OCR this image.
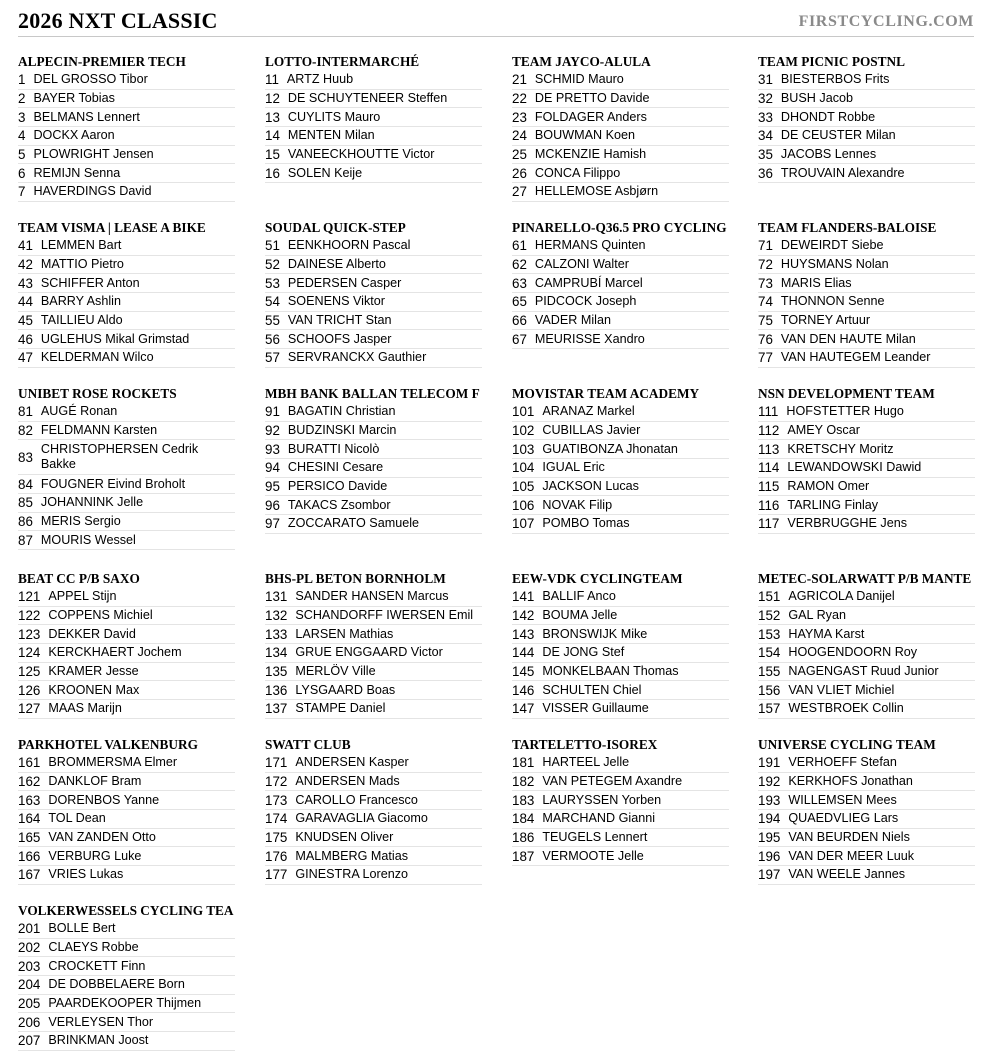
2026 NXT CLASSIC	FIRSTCYCLING.COM
ALPECIN-PREMIER TECH
1 DEL GROSSO Tibor
2 BAYER Tobias
3 BELMANS Lennert
4 DOCKX Aaron
5 PLOWRIGHT Jensen
6 REMIJN Senna
7 HAVERDINGS David
LOTTO-INTERMARCHÉ
11 ARTZ Huub
12 DE SCHUYTENEER Steffen
13 CUYLITS Mauro
14 MENTEN Milan
15 VANEECKHOUTTE Victor
16 SOLEN Keije
TEAM JAYCO-ALULA
21 SCHMID Mauro
22 DE PRETTO Davide
23 FOLDAGER Anders
24 BOUWMAN Koen
25 MCKENZIE Hamish
26 CONCA Filippo
27 HELLEMOSE Asbjørn
TEAM PICNIC POSTNL
31 BIESTERBOS Frits
32 BUSH Jacob
33 DHONDT Robbe
34 DE CEUSTER Milan
35 JACOBS Lennes
36 TROUVAIN Alexandre
TEAM VISMA | LEASE A BIKE
41 LEMMEN Bart
42 MATTIO Pietro
43 SCHIFFER Anton
44 BARRY Ashlin
45 TAILLIEU Aldo
46 UGLEHUS Mikal Grimstad
47 KELDERMAN Wilco
SOUDAL QUICK-STEP
51 EENKHOORN Pascal
52 DAINESE Alberto
53 PEDERSEN Casper
54 SOENENS Viktor
55 VAN TRICHT Stan
56 SCHOOFS Jasper
57 SERVRANCKX Gauthier
PINARELLO-Q36.5 PRO CYCLING
61 HERMANS Quinten
62 CALZONI Walter
63 CAMPRUBÍ Marcel
65 PIDCOCK Joseph
66 VADER Milan
67 MEURISSE Xandro
TEAM FLANDERS-BALOISE
71 DEWEIRDT Siebe
72 HUYSMANS Nolan
73 MARIS Elias
74 THONNON Senne
75 TORNEY Artuur
76 VAN DEN HAUTE Milan
77 VAN HAUTEGEM Leander
UNIBET ROSE ROCKETS
81 AUGÉ Ronan
82 FELDMANN Karsten
83
CHRISTOPHERSEN Cedrik Bakke
84 FOUGNER Eivind Broholt
85 JOHANNINK Jelle
86 MERIS Sergio
87 MOURIS Wessel
MBH BANK BALLAN TELECOM F
91 BAGATIN Christian
92 BUDZINSKI Marcin
93 BURATTI Nicolò
94 CHESINI Cesare
95 PERSICO Davide
96 TAKACS Zsombor
97 ZOCCARATO Samuele
MOVISTAR TEAM ACADEMY
101 ARANAZ Markel
102 CUBILLAS Javier
103 GUATIBONZA Jhonatan
104 IGUAL Eric
105 JACKSON Lucas
106 NOVAK Filip
107 POMBO Tomas
NSN DEVELOPMENT TEAM
111 HOFSTETTER Hugo
112 AMEY Oscar
113 KRETSCHY Moritz
114 LEWANDOWSKI Dawid
115 RAMON Omer
116 TARLING Finlay
117 VERBRUGGHE Jens
BEAT CC P/B SAXO
121 APPEL Stijn
122 COPPENS Michiel
123 DEKKER David
124 KERCKHAERT Jochem
125 KRAMER Jesse
126 KROONEN Max
127 MAAS Marijn
BHS-PL BETON BORNHOLM
131 SANDER HANSEN Marcus
132 SCHANDORFF IWERSEN Emil
133 LARSEN Mathias
134 GRUE ENGGAARD Victor
135 MERLÖV Ville
136 LYSGAARD Boas
137 STAMPE Daniel
EEW-VDK CYCLINGTEAM
141 BALLIF Anco
142 BOUMA Jelle
143 BRONSWIJK Mike
144 DE JONG Stef
145 MONKELBAAN Thomas
146 SCHULTEN Chiel
147 VISSER Guillaume
METEC-SOLARWATT P/B MANTE
151 AGRICOLA Danijel
152 GAL Ryan
153 HAYMA Karst
154 HOOGENDOORN Roy
155 NAGENGAST Ruud Junior
156 VAN VLIET Michiel
157 WESTBROEK Collin
PARKHOTEL VALKENBURG
161 BROMMERSMA Elmer
162 DANKLOF Bram
163 DORENBOS Yanne
164 TOL Dean
165 VAN ZANDEN Otto
166 VERBURG Luke
167 VRIES Lukas
SWATT CLUB
171 ANDERSEN Kasper
172 ANDERSEN Mads
173 CAROLLO Francesco
174 GARAVAGLIA Giacomo
175 KNUDSEN Oliver
176 MALMBERG Matias
177 GINESTRA Lorenzo
TARTELETTO-ISOREX
181 HARTEEL Jelle
182 VAN PETEGEM Axandre
183 LAURYSSEN Yorben
184 MARCHAND Gianni
186 TEUGELS Lennert
187 VERMOOTE Jelle
UNIVERSE CYCLING TEAM
191 VERHOEFF Stefan
192 KERKHOFS Jonathan
193 WILLEMSEN Mees
194 QUAEDVLIEG Lars
195 VAN BEURDEN Niels
196 VAN DER MEER Luuk
197 VAN WEELE Jannes
VOLKERWESSELS CYCLING TEA
201 BOLLE Bert
202 CLAEYS Robbe
203 CROCKETT Finn
204 DE DOBBELAERE Born
205 PAARDEKOOPER Thijmen
206 VERLEYSEN Thor
207 BRINKMAN Joost
